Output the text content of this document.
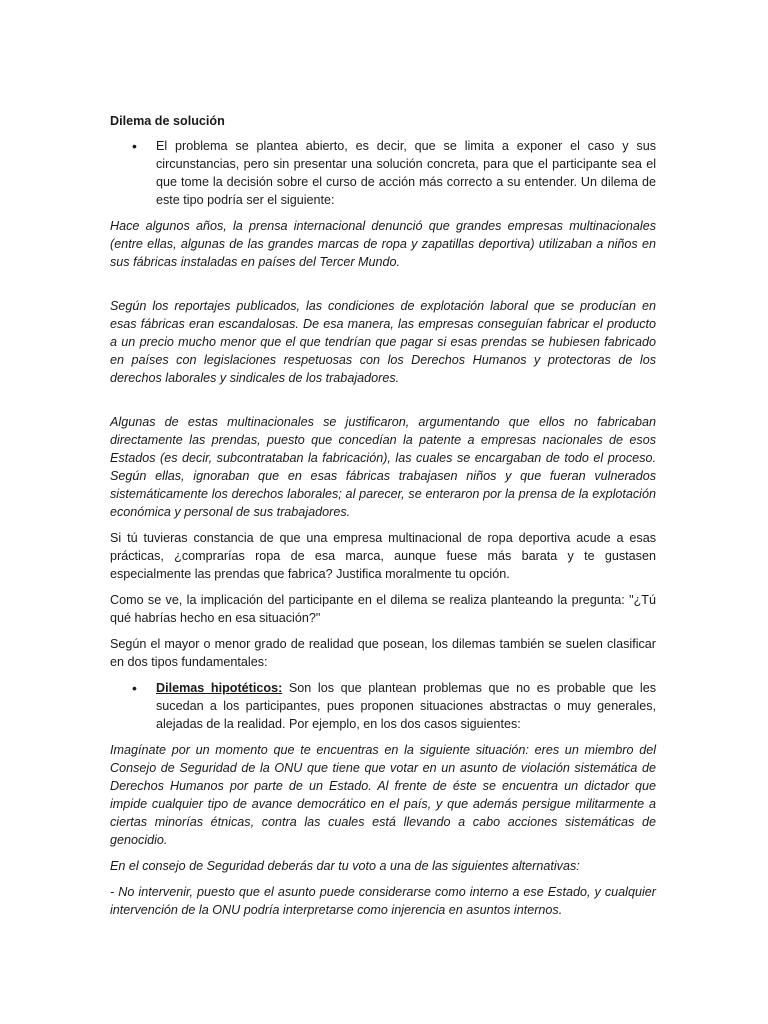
Dilema de solución
• El problema se plantea abierto, es decir, que se limita a exponer el caso y sus circunstancias, pero sin presentar una solución concreta, para que el participante sea el que tome la decisión sobre el curso de acción más correcto a su entender. Un dilema de este tipo podría ser el siguiente:

Hace algunos años, la prensa internacional denunció que grandes empresas multinacionales (entre ellas, algunas de las grandes marcas de ropa y zapatillas deportiva) utilizaban a niños en sus fábricas instaladas en países del Tercer Mundo.

Según los reportajes publicados, las condiciones de explotación laboral que se producían en esas fábricas eran escandalosas. De esa manera, las empresas conseguían fabricar el producto a un precio mucho menor que el que tendrían que pagar si esas prendas se hubiesen fabricado en países con legislaciones respetuosas con los Derechos Humanos y protectoras de los derechos laborales y sindicales de los trabajadores.

Algunas de estas multinacionales se justificaron, argumentando que ellos no fabricaban directamente las prendas, puesto que concedían la patente a empresas nacionales de esos Estados (es decir, subcontrataban la fabricación), las cuales se encargaban de todo el proceso. Según ellas, ignoraban que en esas fábricas trabajasen niños y que fueran vulnerados sistemáticamente los derechos laborales; al parecer, se enteraron por la prensa de la explotación económica y personal de sus trabajadores.

Si tú tuvieras constancia de que una empresa multinacional de ropa deportiva acude a esas prácticas, ¿comprarías ropa de esa marca, aunque fuese más barata y te gustasen especialmente las prendas que fabrica? Justifica moralmente tu opción.

Como se ve, la implicación del participante en el dilema se realiza planteando la pregunta: "¿Tú qué habrías hecho en esa situación?"

Según el mayor o menor grado de realidad que posean, los dilemas también se suelen clasificar en dos tipos fundamentales:

• Dilemas hipotéticos: Son los que plantean problemas que no es probable que les sucedan a los participantes, pues proponen situaciones abstractas o muy generales, alejadas de la realidad. Por ejemplo, en los dos casos siguientes:

Imagínate por un momento que te encuentras en la siguiente situación: eres un miembro del Consejo de Seguridad de la ONU que tiene que votar en un asunto de violación sistemática de Derechos Humanos por parte de un Estado. Al frente de éste se encuentra un dictador que impide cualquier tipo de avance democrático en el país, y que además persigue militarmente a ciertas minorías étnicas, contra las cuales está llevando a cabo acciones sistemáticas de genocidio.

En el consejo de Seguridad deberás dar tu voto a una de las siguientes alternativas:

- No intervenir, puesto que el asunto puede considerarse como interno a ese Estado, y cualquier intervención de la ONU podría interpretarse como injerencia en asuntos internos.
